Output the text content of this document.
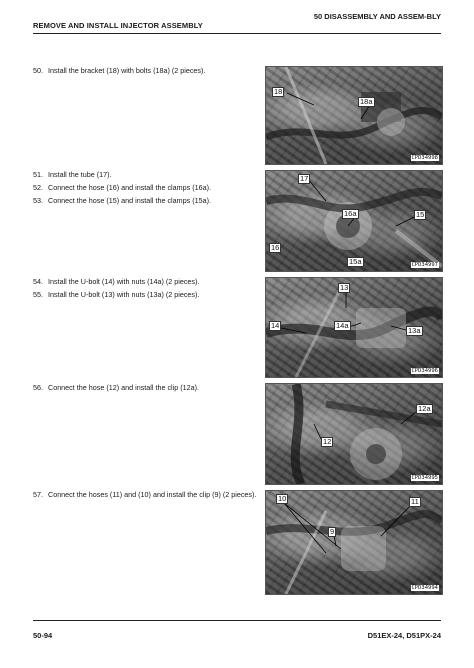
REMOVE AND INSTALL INJECTOR ASSEMBLY
50 DISASSEMBLY AND ASSEM-BLY
50. Install the bracket (18) with bolts (18a) (2 pieces).
51. Install the tube (17).
52. Connect the hose (16) and install the clamps (16a).
53. Connect the hose (15) and install the clamps (15a).
54. Install the U-bolt (14) with nuts (14a) (2 pieces).
55. Install the U-bolt (13) with nuts (13a) (2 pieces).
56. Connect the hose (12) and install the clip (12a).
57. Connect the hoses (11) and (10) and install the clip (9) (2 pieces).
18
18a
CPD34998
17
16a	15
16
15a	CPD34997
13
14	14a
13a
CPD34996
12a
12
CPD34995
10	11
9
CPD34994
50-94	D51EX-24, D51PX-24
